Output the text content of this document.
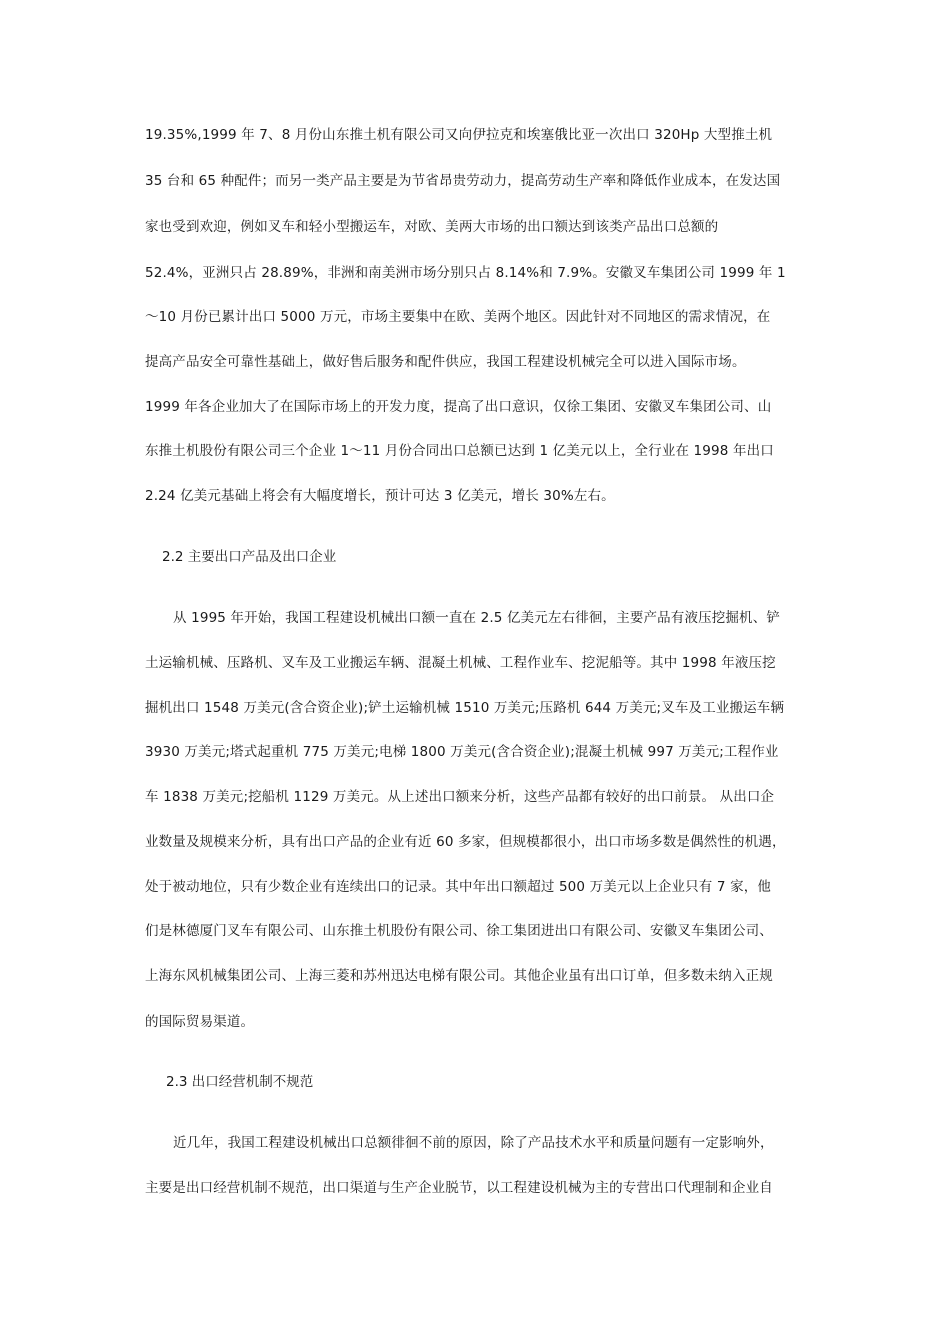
19.35%,1999 年 7、8 月份山东推土机有限公司又向伊拉克和埃塞俄比亚一次出口 320Hp 大型推土机
35 台和 65 种配件；而另一类产品主要是为节省昂贵劳动力，提高劳动生产率和降低作业成本，在发达国
家也受到欢迎，例如叉车和轻小型搬运车，对欧、美两大市场的出口额达到该类产品出口总额的
52.4%，亚洲只占 28.89%，非洲和南美洲市场分别只占 8.14%和 7.9%。安徽叉车集团公司 1999 年 1
～10 月份已累计出口 5000 万元，市场主要集中在欧、美两个地区。因此针对不同地区的需求情况，在
提高产品安全可靠性基础上，做好售后服务和配件供应，我国工程建设机械完全可以进入国际市场。
1999 年各企业加大了在国际市场上的开发力度，提高了出口意识，仅徐工集团、安徽叉车集团公司、山
东推土机股份有限公司三个企业 1～11 月份合同出口总额已达到 1 亿美元以上，全行业在 1998 年出口
2.24 亿美元基础上将会有大幅度增长，预计可达 3 亿美元，增长 30%左右。
2.2 主要出口产品及出口企业
从 1995 年开始，我国工程建设机械出口额一直在 2.5 亿美元左右徘徊，主要产品有液压挖掘机、铲
土运输机械、压路机、叉车及工业搬运车辆、混凝土机械、工程作业车、挖泥船等。其中 1998 年液压挖
掘机出口 1548 万美元(含合资企业);铲土运输机械 1510 万美元;压路机 644 万美元;叉车及工业搬运车辆
3930 万美元;塔式起重机 775 万美元;电梯 1800 万美元(含合资企业);混凝土机械 997 万美元;工程作业
车 1838 万美元;挖船机 1129 万美元。从上述出口额来分析，这些产品都有较好的出口前景。 从出口企
业数量及规模来分析，具有出口产品的企业有近 60 多家，但规模都很小，出口市场多数是偶然性的机遇，
处于被动地位，只有少数企业有连续出口的记录。其中年出口额超过 500 万美元以上企业只有 7 家，他
们是林德厦门叉车有限公司、山东推土机股份有限公司、徐工集团进出口有限公司、安徽叉车集团公司、
上海东风机械集团公司、上海三菱和苏州迅达电梯有限公司。其他企业虽有出口订单，但多数未纳入正规
的国际贸易渠道。
2.3 出口经营机制不规范
近几年，我国工程建设机械出口总额徘徊不前的原因，除了产品技术水平和质量问题有一定影响外，
主要是出口经营机制不规范，出口渠道与生产企业脱节，以工程建设机械为主的专营出口代理制和企业自
